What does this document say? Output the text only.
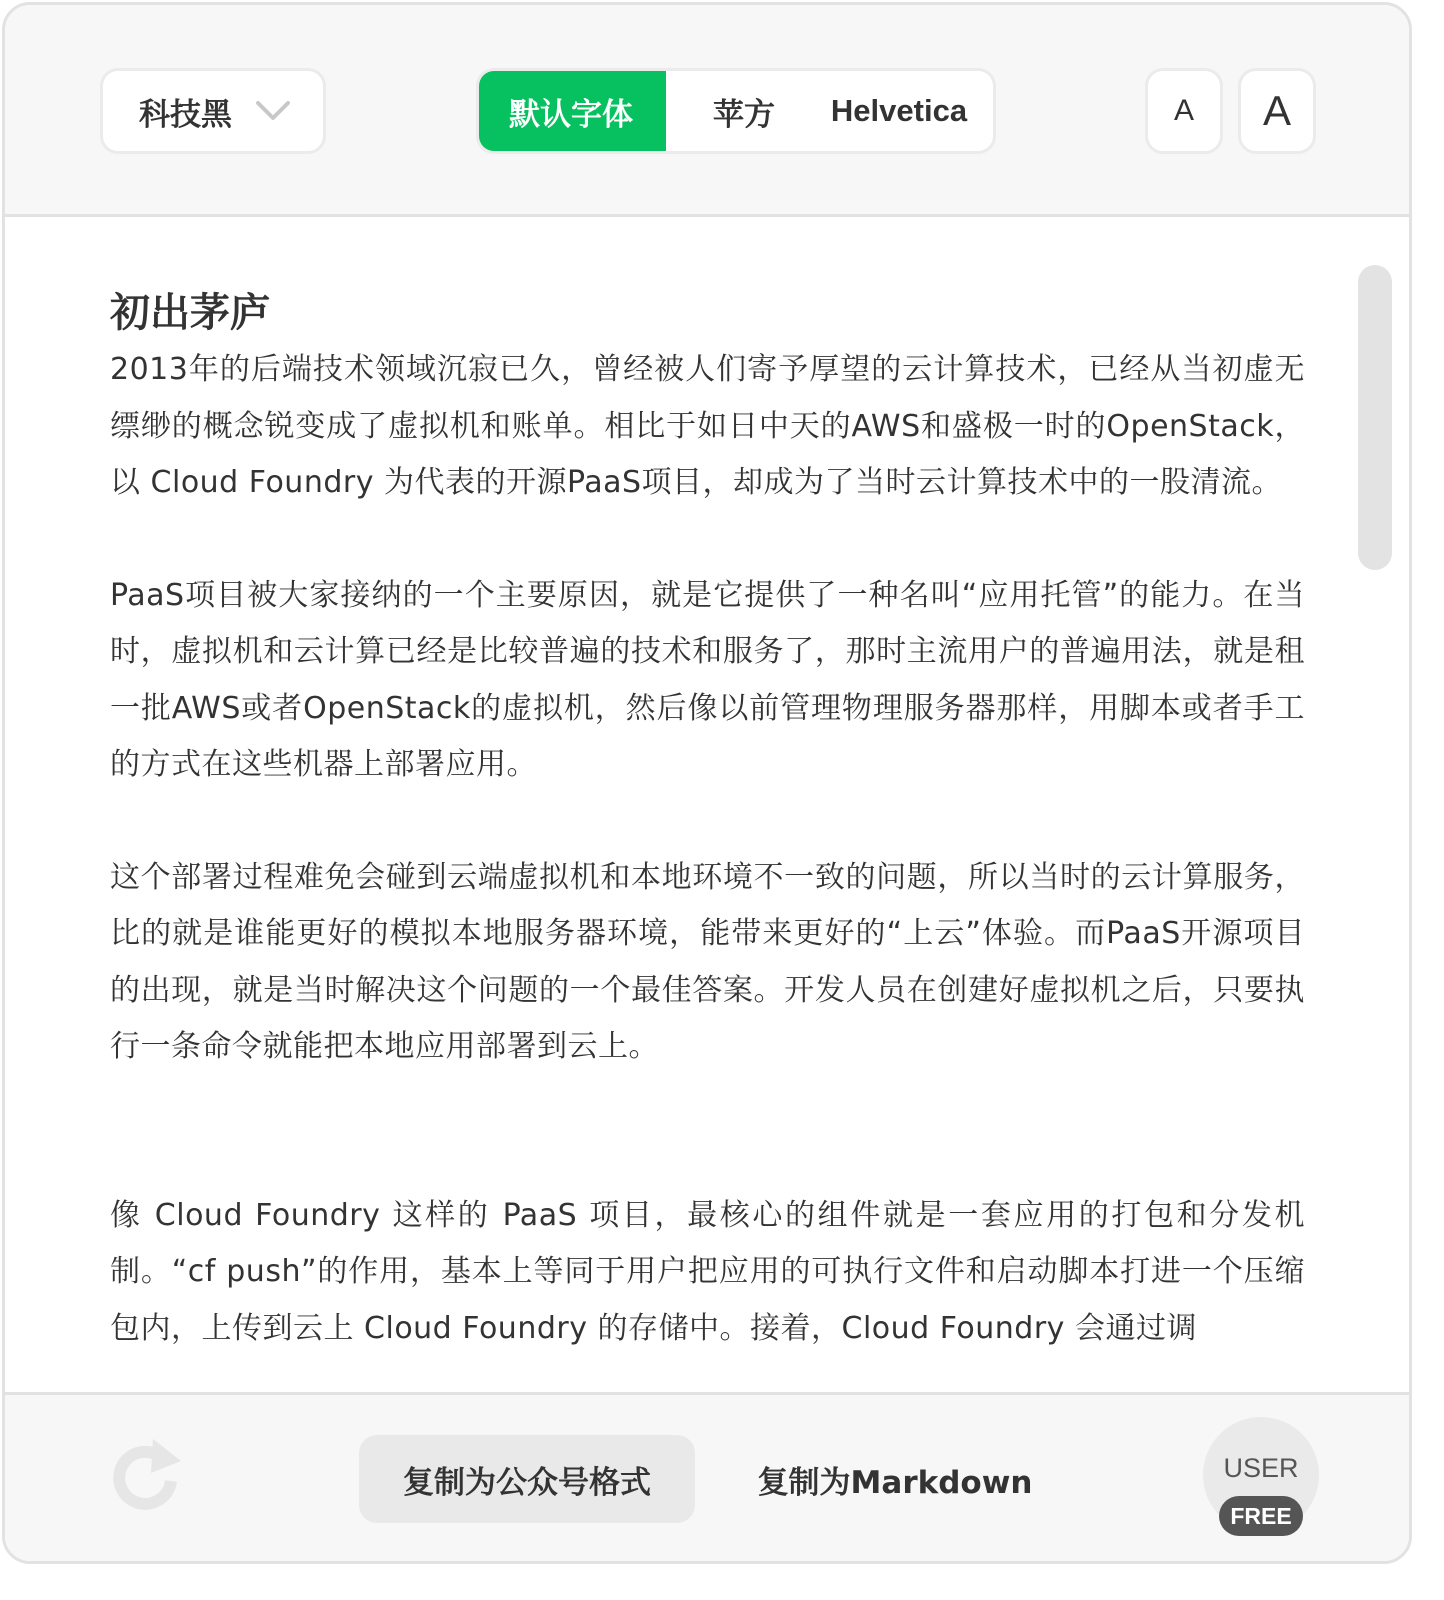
科技黑	默认字体	苹方	Helvetica	A	A
初出茅庐

2013年的后端技术领域沉寂已久，曾经被人们寄予厚望的云计算技术，已经从当初虚无缥缈的概念锐变成了虚拟机和账单。相比于如日中天的AWS和盛极一时的OpenStack，以 Cloud Foundry 为代表的开源PaaS项目，却成为了当时云计算技术中的一股清流。

PaaS项目被大家接纳的一个主要原因，就是它提供了一种名叫“应用托管”的能力。在当时，虚拟机和云计算已经是比较普遍的技术和服务了，那时主流用户的普遍用法，就是租一批AWS或者OpenStack的虚拟机，然后像以前管理物理服务器那样，用脚本或者手工的方式在这些机器上部署应用。

这个部署过程难免会碰到云端虚拟机和本地环境不一致的问题，所以当时的云计算服务，比的就是谁能更好的模拟本地服务器环境，能带来更好的“上云”体验。而PaaS开源项目的出现，就是当时解决这个问题的一个最佳答案。开发人员在创建好虚拟机之后，只要执行一条命令就能把本地应用部署到云上。

像 Cloud Foundry 这样的 PaaS 项目，最核心的组件就是一套应用的打包和分发机制。“cf push”的作用，基本上等同于用户把应用的可执行文件和启动脚本打进一个压缩包内，上传到云上 Cloud Foundry 的存储中。接着，Cloud Foundry 会通过调

复制为公众号格式	复制为Markdown	USER
FREE
